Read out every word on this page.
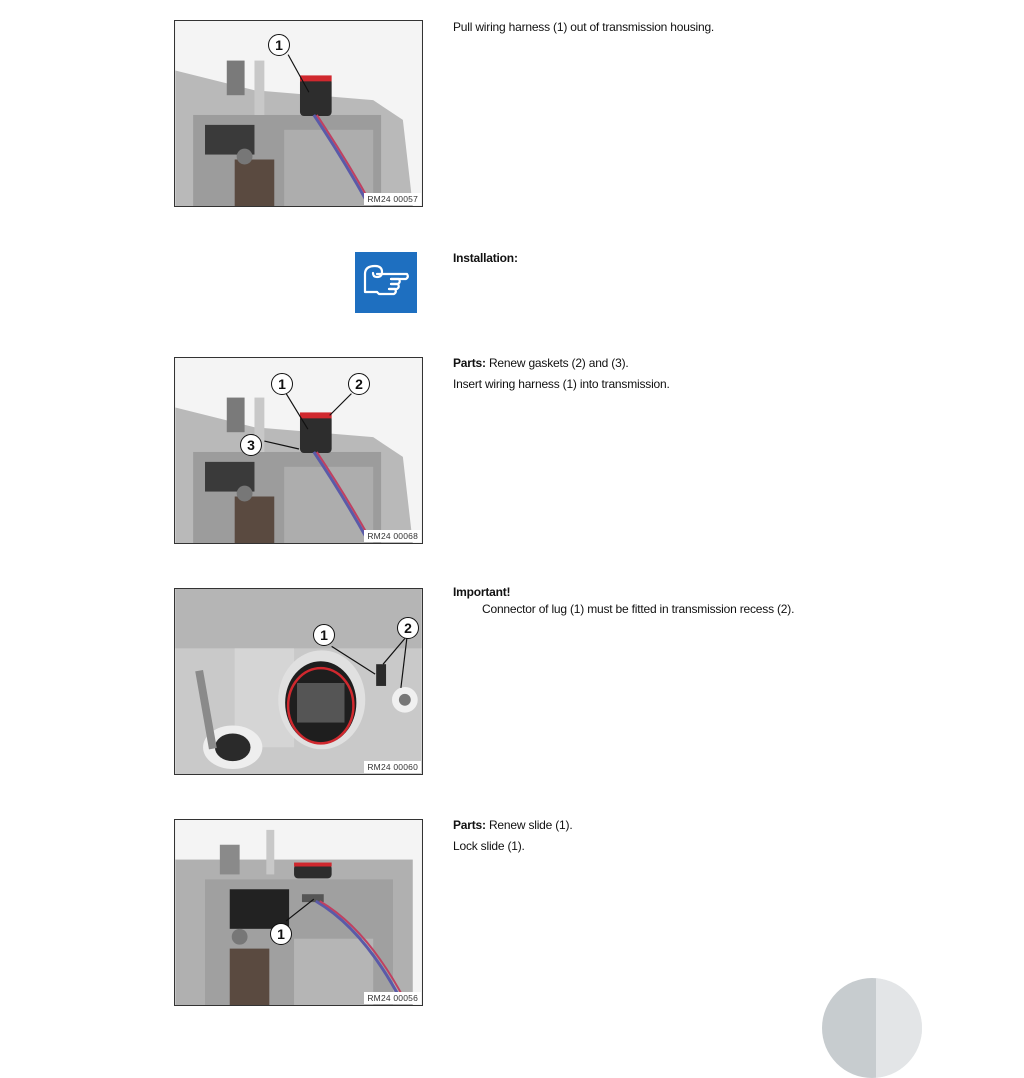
1
RM24 00057
Pull wiring harness (1) out of transmission housing.
Installation:
1	2
3
RM24 00068
Parts: Renew gaskets (2) and (3).
Insert wiring harness (1) into transmission.
1	2
RM24 00060
Important!
Connector of lug (1) must be fitted in transmission recess (2).
1
RM24 00056
Parts: Renew slide (1).
Lock slide (1).
